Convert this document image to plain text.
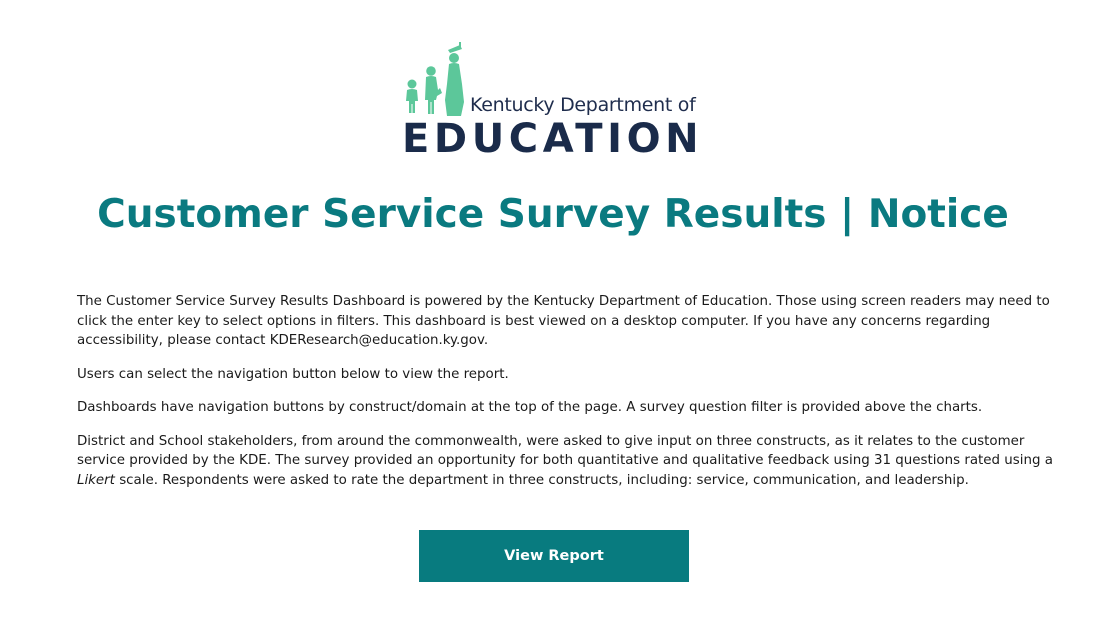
Kentucky Department of
EDUCATION
Customer Service Survey Results | Notice

The Customer Service Survey Results Dashboard is powered by the Kentucky Department of Education. Those using screen readers may need to click the enter key to select options in filters. This dashboard is best viewed on a desktop computer. If you have any concerns regarding accessibility, please contact KDEResearch@education.ky.gov.

Users can select the navigation button below to view the report.

Dashboards have navigation buttons by construct/domain at the top of the page. A survey question filter is provided above the charts.

District and School stakeholders, from around the commonwealth, were asked to give input on three constructs, as it relates to the customer service provided by the KDE. The survey provided an opportunity for both quantitative and qualitative feedback using 31 questions rated using a Likert scale. Respondents were asked to rate the department in three constructs, including: service, communication, and leadership.

View Report
